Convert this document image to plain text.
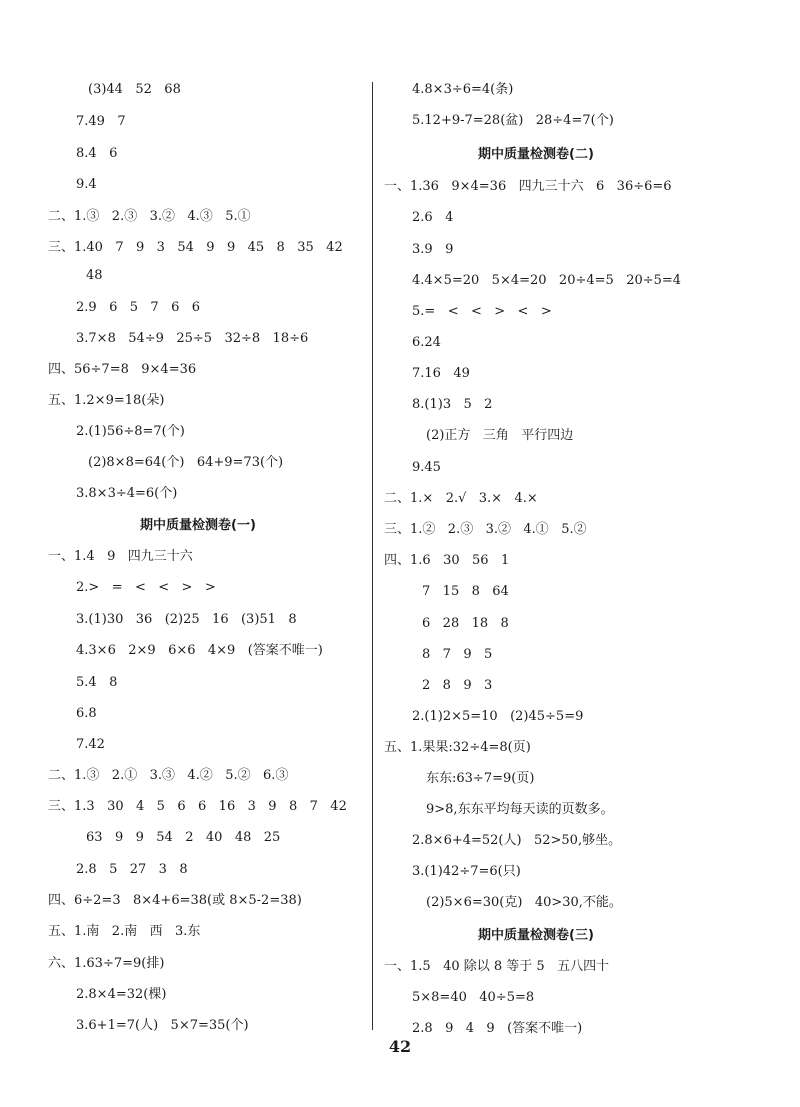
(3)44   52   68
7.49   7
8.4   6
9.4
二、1.③   2.③   3.②   4.③   5.①
三、1.40   7   9   3   54   9   9   45   8   35   42
48
2.9   6   5   7   6   6
3.7×8   54÷9   25÷5   32÷8   18÷6
四、56÷7=8   9×4=36
五、1.2×9=18(朵)
2.(1)56÷8=7(个)
(2)8×8=64(个)   64+9=73(个)
3.8×3÷4=6(个)
期中质量检测卷(一)
一、1.4   9   四九三十六
2.>   =   <   <   >   >
3.(1)30   36   (2)25   16   (3)51   8
4.3×6   2×9   6×6   4×9   (答案不唯一)
5.4   8
6.8
7.42
二、1.③   2.①   3.③   4.②   5.②   6.③
三、1.3   30   4   5   6   6   16   3   9   8   7   42
63   9   9   54   2   40   48   25
2.8   5   27   3   8
四、6÷2=3   8×4+6=38(或 8×5-2=38)
五、1.南   2.南   西   3.东
六、1.63÷7=9(排)
2.8×4=32(棵)
3.6+1=7(人)   5×7=35(个)
4.8×3÷6=4(条)
5.12+9-7=28(盆)   28÷4=7(个)
期中质量检测卷(二)
一、1.36   9×4=36   四九三十六   6   36÷6=6
2.6   4
3.9   9
4.4×5=20   5×4=20   20÷4=5   20÷5=4
5.=   <   <   >   <   >
6.24
7.16   49
8.(1)3   5   2
(2)正方   三角   平行四边
9.45
二、1.×   2.√   3.×   4.×
三、1.②   2.③   3.②   4.①   5.②
四、1.6   30   56   1
7   15   8   64
6   28   18   8
8   7   9   5
2   8   9   3
2.(1)2×5=10   (2)45÷5=9
五、1.果果:32÷4=8(页)
东东:63÷7=9(页)
9>8,东东平均每天读的页数多。
2.8×6+4=52(人)   52>50,够坐。
3.(1)42÷7=6(只)
(2)5×6=30(克)   40>30,不能。
期中质量检测卷(三)
一、1.5   40 除以 8 等于 5   五八四十
5×8=40   40÷5=8
2.8   9   4   9   (答案不唯一)
42
